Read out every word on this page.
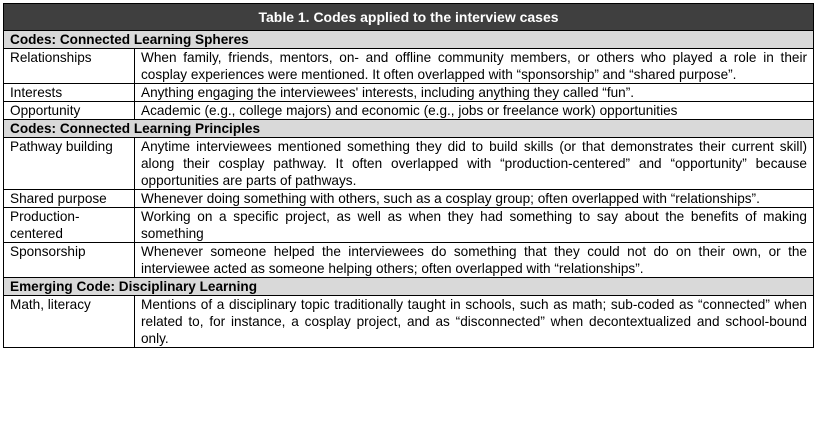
Table 1. Codes applied to the interview cases	
Codes: Connected Learning Spheres	
Relationships	When family, friends, mentors, on- and offline community members, or others who played a role in their cosplay experiences were mentioned. It often overlapped with “sponsorship” and “shared purpose”.
Interests	Anything engaging the interviewees' interests, including anything they called “fun”.
Opportunity	Academic (e.g., college majors) and economic (e.g., jobs or freelance work) opportunities
Codes: Connected Learning Principles	
Pathway building	Anytime interviewees mentioned something they did to build skills (or that demonstrates their current skill) along their cosplay pathway. It often overlapped with “production-centered” and “opportunity” because opportunities are parts of pathways.
Shared purpose	Whenever doing something with others, such as a cosplay group; often overlapped with “relationships”.
Production-centered	Working on a specific project, as well as when they had something to say about the benefits of making something
Sponsorship	Whenever someone helped the interviewees do something that they could not do on their own, or the interviewee acted as someone helping others; often overlapped with “relationships”.
Emerging Code: Disciplinary Learning	
Math, literacy	Mentions of a disciplinary topic traditionally taught in schools, such as math; sub-coded as “connected” when related to, for instance, a cosplay project, and as “disconnected” when decontextualized and school-bound only.
